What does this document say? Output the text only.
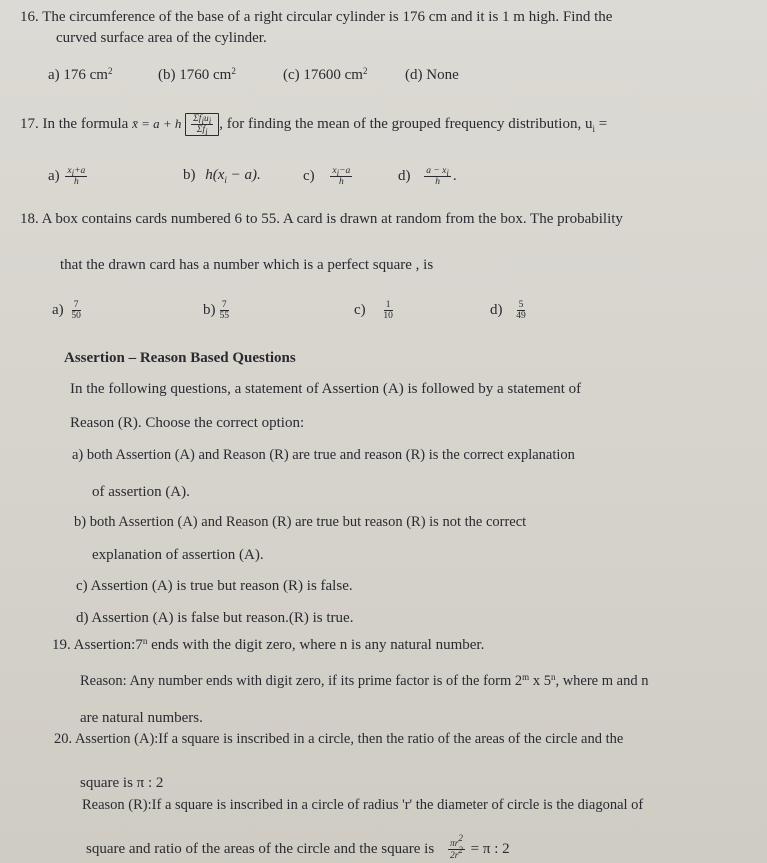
16. The circumference of the base of a right circular cylinder is 176 cm and it is 1 m high. Find the
curved surface area of the cylinder.
a) 176 $cm^2$	(b) 1760 $cm^2$	(c) 17600 $cm^2$	(d) None
17. In the formula x̄ = a + h $\frac{\Sigma f_iu_i}{\Sigma f_i}$ , for finding the mean of the grouped frequency distribution, $u_i$ =
$a) \frac{x_i+a}{h}$	b) $h(x_i - a)$.	$c) \frac{x_i-a}{h}$	$d) \frac{a - x_i}{h}$ .
18. A box contains cards numbered 6 to 55. A card is drawn at random from the box. The probability
that the drawn card has a number which is a perfect square , is
$a) \frac{7}{50}$	$b) \frac{7}{55}$	$c) \frac{1}{10}$	$d) \frac{5}{49}$
Assertion – Reason Based Questions
In the following questions, a statement of Assertion (A) is followed by a statement of
Reason (R). Choose the correct option:
a) both Assertion (A) and Reason (R) are true and reason (R) is the correct explanation
of assertion (A).
b) both Assertion (A) and Reason (R) are true but reason (R) is not the correct
explanation of assertion (A).
c) Assertion (A) is true but reason (R) is false.
d) Assertion (A) is false but reason.(R) is true.
19. Assertion:7$^n$ ends with the digit zero, where n is any natural number.
Reason: Any number ends with digit zero, if its prime factor is of the form 2$^m$ x 5$^n$, where m and n
are natural numbers.
20. Assertion (A):If a square is inscribed in a circle, then the ratio of the areas of the circle and the
square is π : 2
Reason (R):If a square is inscribed in a circle of radius 'r' the diameter of circle is the diagonal of
square and ratio of the areas of the circle and the square is $\frac{\pi r^2}{2r^2} = \pi$ : 2
